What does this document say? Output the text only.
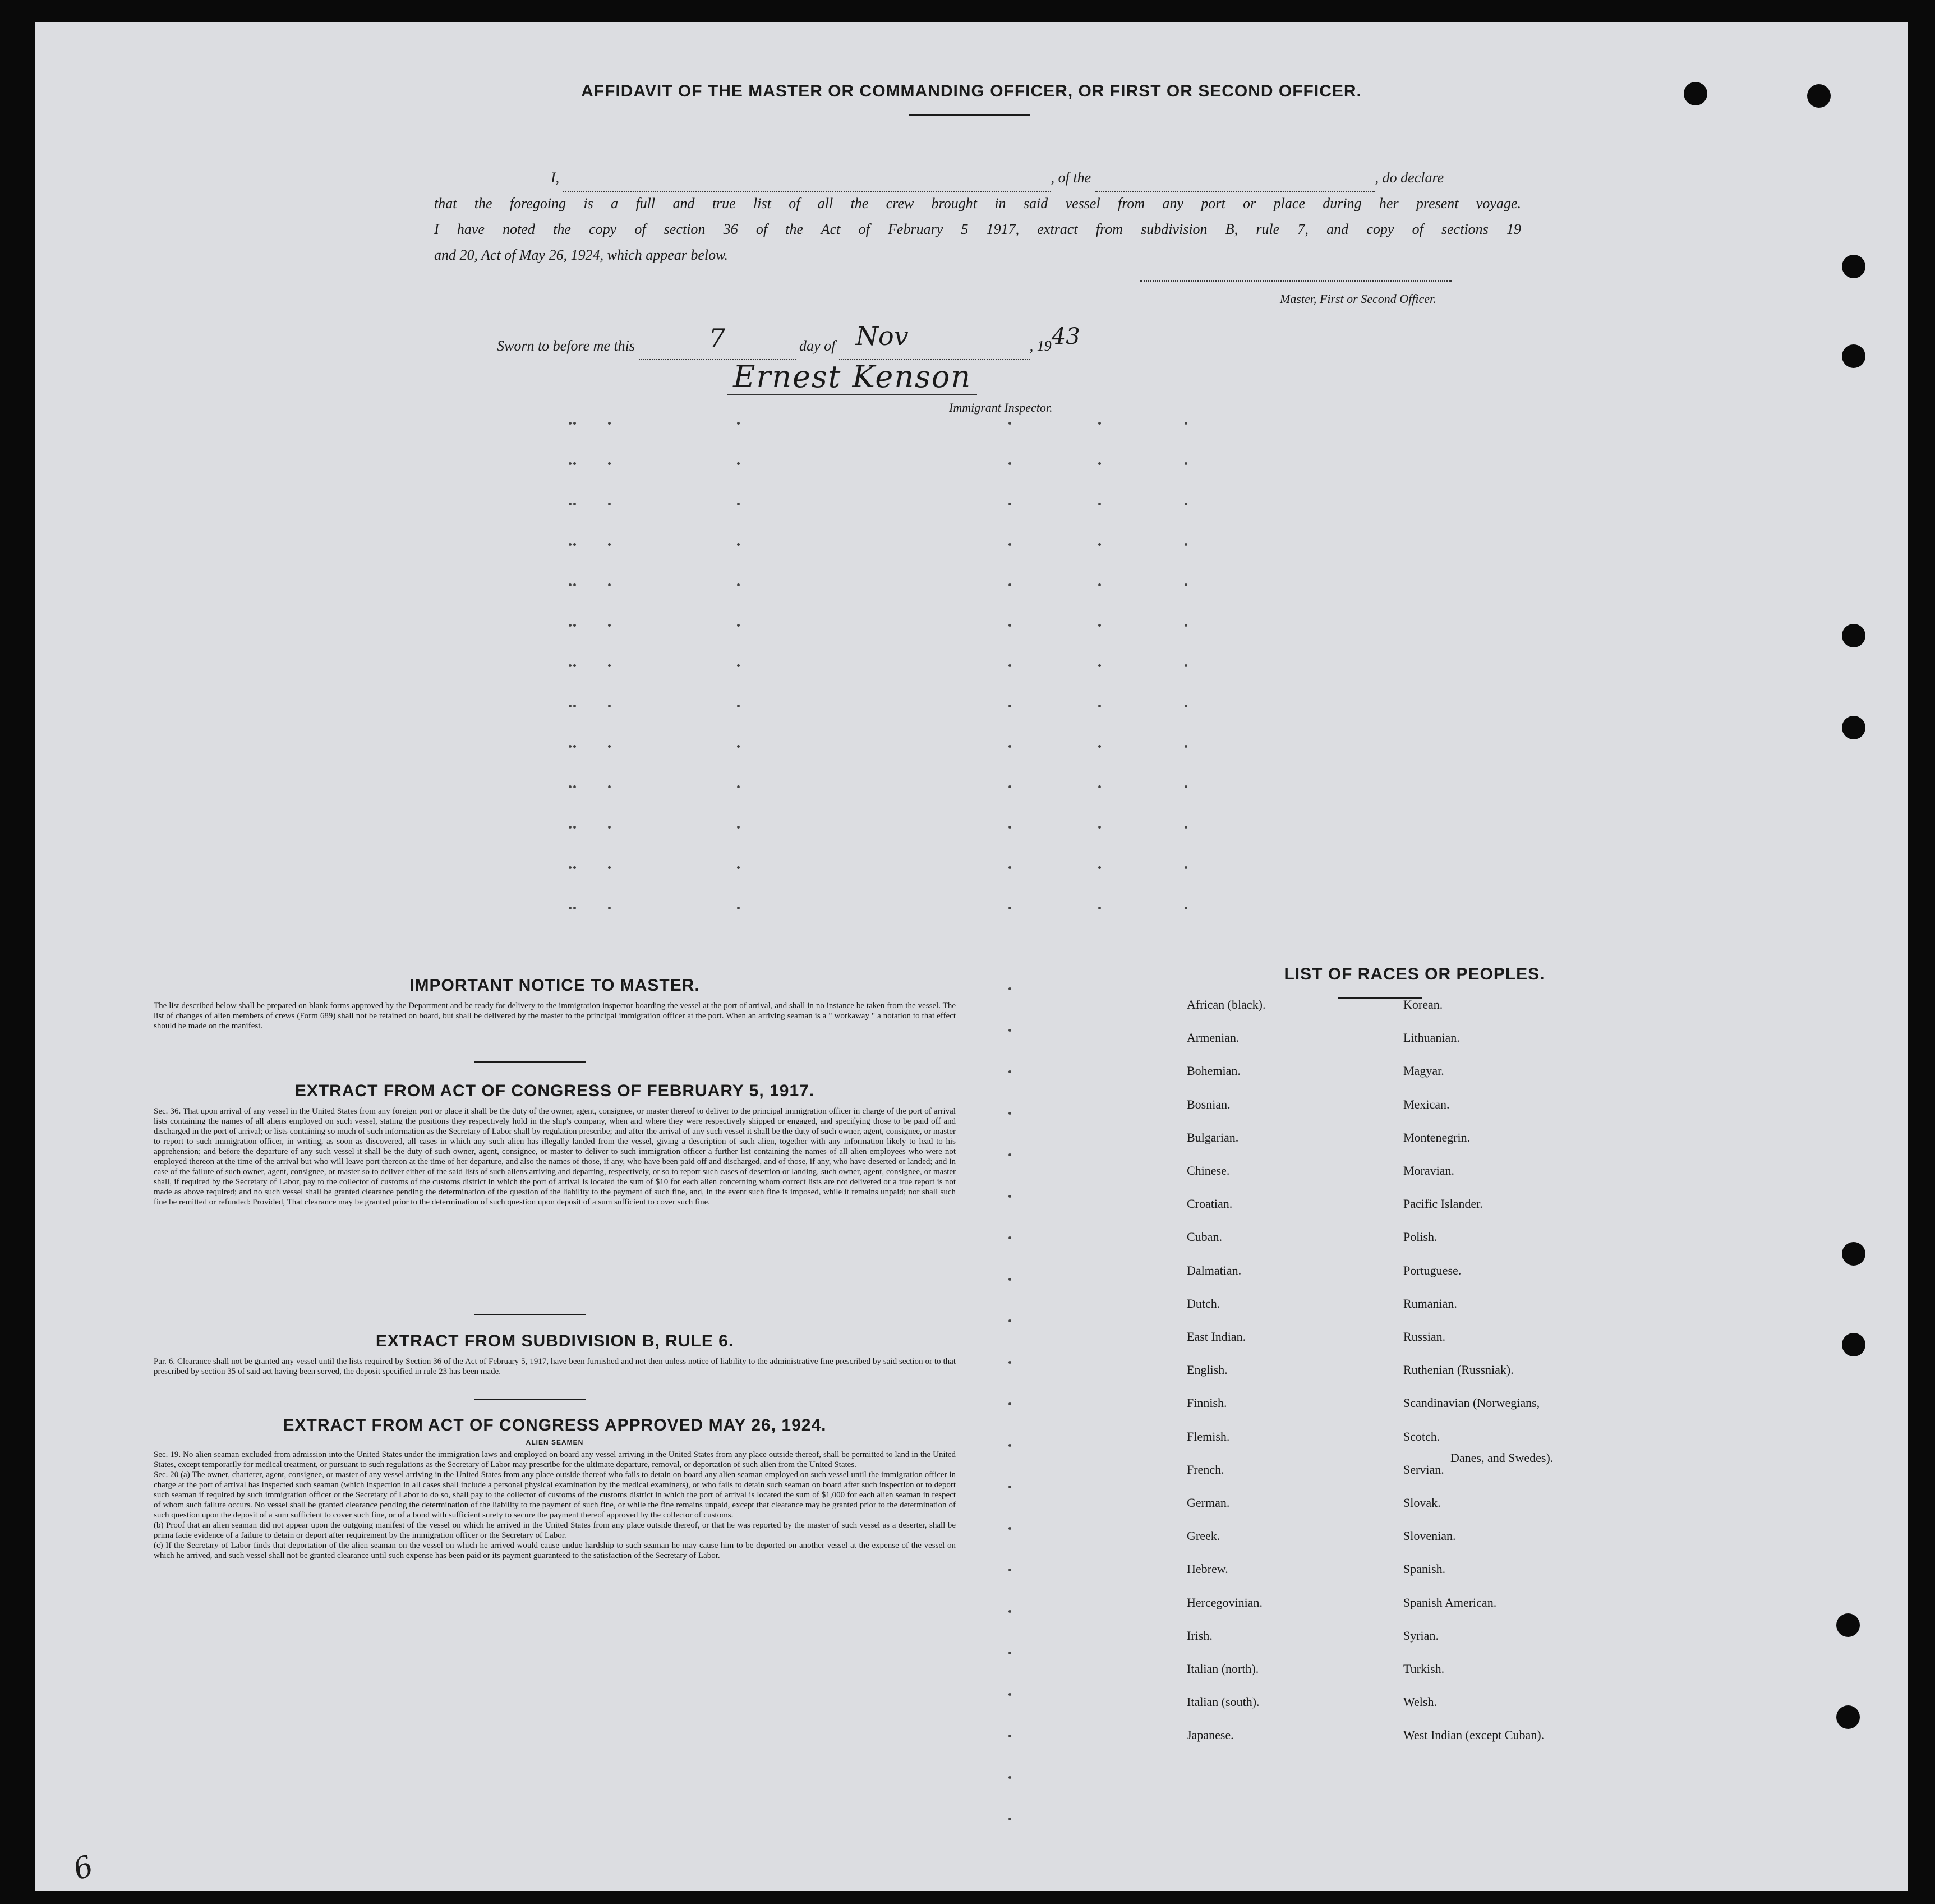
AFFIDAVIT OF THE MASTER OR COMMANDING OFFICER, OR FIRST OR SECOND OFFICER.
I,	, of the	, do declare
that the foregoing is a full and true list of all the crew brought in said vessel from any port or place during her present voyage.
I have noted the copy of section 36 of the Act of February 5 1917, extract from subdivision B, rule 7, and copy of sections 19
and 20, Act of May 26, 1924, which appear below.
Master, First or Second Officer.
Sworn to before me this	7	day of Nov	, 1943
Ernest Kenson
Immigrant Inspector.
IMPORTANT NOTICE TO MASTER.
The list described below shall be prepared on blank forms approved by the Department and be ready for delivery to the immigration inspector boarding the vessel at the port of arrival, and shall in no instance be taken from the vessel. The list of changes of alien members of crews (Form 689) shall not be retained on board, but shall be delivered by the master to the principal immigration officer at the port. When an arriving seaman is a " workaway " a notation to that effect should be made on the manifest.
EXTRACT FROM ACT OF CONGRESS OF FEBRUARY 5, 1917.
Sec. 36. That upon arrival of any vessel in the United States from any foreign port or place it shall be the duty of the owner, agent, consignee, or master thereof to deliver to the principal immigration officer in charge of the port of arrival lists containing the names of all aliens employed on such vessel, stating the positions they respectively hold in the ship's company, when and where they were respectively shipped or engaged, and specifying those to be paid off and discharged in the port of arrival; or lists containing so much of such information as the Secretary of Labor shall by regulation prescribe; and after the arrival of any such vessel it shall be the duty of such owner, agent, consignee, or master to report to such immigration officer, in writing, as soon as discovered, all cases in which any such alien has illegally landed from the vessel, giving a description of such alien, together with any information likely to lead to his apprehension; and before the departure of any such vessel it shall be the duty of such owner, agent, consignee, or master to deliver to such immigration officer a further list containing the names of all alien employees who were not employed thereon at the time of the arrival but who will leave port thereon at the time of her departure, and also the names of those, if any, who have been paid off and discharged, and of those, if any, who have deserted or landed; and in case of the failure of such owner, agent, consignee, or master so to deliver either of the said lists of such aliens arriving and departing, respectively, or so to report such cases of desertion or landing, such owner, agent, consignee, or master shall, if required by the Secretary of Labor, pay to the collector of customs of the customs district in which the port of arrival is located the sum of $10 for each alien concerning whom correct lists are not delivered or a true report is not made as above required; and no such vessel shall be granted clearance pending the determination of the question of the liability to the payment of such fine, and, in the event such fine is imposed, while it remains unpaid; nor shall such fine be remitted or refunded: Provided, That clearance may be granted prior to the determination of such question upon deposit of a sum sufficient to cover such fine.
EXTRACT FROM SUBDIVISION B, RULE 6.
Par. 6. Clearance shall not be granted any vessel until the lists required by Section 36 of the Act of February 5, 1917, have been furnished and not then unless notice of liability to the administrative fine prescribed by said section or to that prescribed by section 35 of said act having been served, the deposit specified in rule 23 has been made.
EXTRACT FROM ACT OF CONGRESS APPROVED MAY 26, 1924.
ALIEN SEAMEN
Sec. 19. No alien seaman excluded from admission into the United States under the immigration laws and employed on board any vessel arriving in the United States from any place outside thereof, shall be permitted to land in the United States, except temporarily for medical treatment, or pursuant to such regulations as the Secretary of Labor may prescribe for the ultimate departure, removal, or deportation of such alien from the United States.
Sec. 20 (a) The owner, charterer, agent, consignee, or master of any vessel arriving in the United States from any place outside thereof who fails to detain on board any alien seaman employed on such vessel until the immigration officer in charge at the port of arrival has inspected such seaman (which inspection in all cases shall include a personal physical examination by the medical examiners), or who fails to detain such seaman on board after such inspection or to deport such seaman if required by such immigration officer or the Secretary of Labor to do so, shall pay to the collector of customs of the customs district in which the port of arrival is located the sum of $1,000 for each alien seaman in respect of whom such failure occurs. No vessel shall be granted clearance pending the determination of the liability to the payment of such fine, or while the fine remains unpaid, except that clearance may be granted prior to the determination of such question upon the deposit of a sum sufficient to cover such fine, or of a bond with sufficient surety to secure the payment thereof approved by the collector of customs.
(b) Proof that an alien seaman did not appear upon the outgoing manifest of the vessel on which he arrived in the United States from any place outside thereof, or that he was reported by the master of such vessel as a deserter, shall be prima facie evidence of a failure to detain or deport after requirement by the immigration officer or the Secretary of Labor.
(c) If the Secretary of Labor finds that deportation of the alien seaman on the vessel on which he arrived would cause undue hardship to such seaman he may cause him to be deported on another vessel at the expense of the vessel on which he arrived, and such vessel shall not be granted clearance until such expense has been paid or its payment guaranteed to the satisfaction of the Secretary of Labor.
LIST OF RACES OR PEOPLES.
African (black).
Armenian.
Bohemian.
Bosnian.
Bulgarian.
Chinese.
Croatian.
Cuban.
Dalmatian.
Dutch.
East Indian.
English.
Finnish.
Flemish.
French.
German.
Greek.
Hebrew.
Hercegovinian.
Irish.
Italian (north).
Italian (south).
Japanese.
Korean.
Lithuanian.
Magyar.
Mexican.
Montenegrin.
Moravian.
Pacific Islander.
Polish.
Portuguese.
Rumanian.
Russian.
Ruthenian (Russniak).
Scandinavian (Norwegians,
Scotch.
Servian.
Slovak.
Slovenian.
Spanish.
Spanish American.
Syrian.
Turkish.
Welsh.
West Indian (except Cuban).
Danes, and Swedes).
6
